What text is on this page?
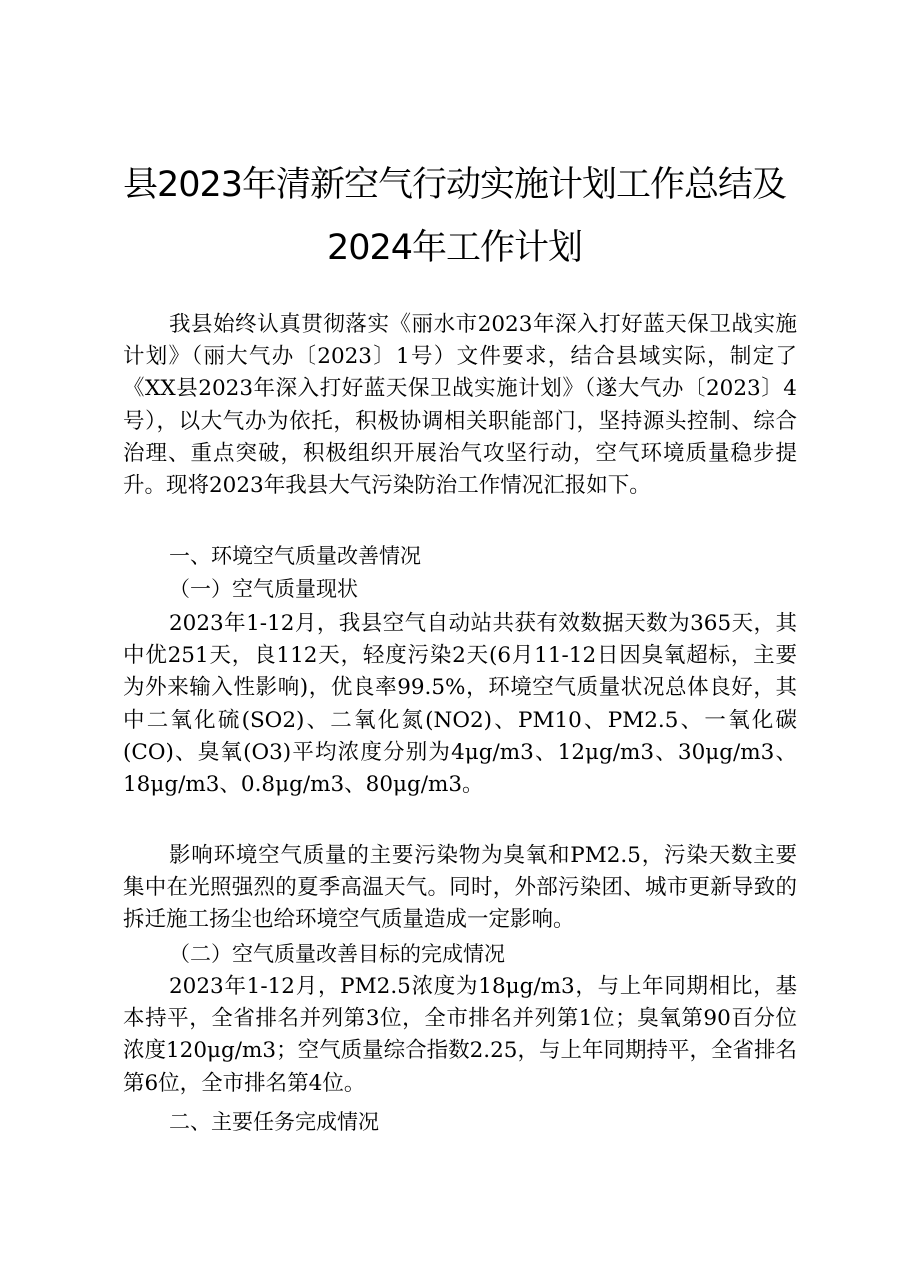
县2023年清新空气行动实施计划工作总结及
2024年工作计划

我县始终认真贯彻落实《丽水市2023年深入打好蓝天保卫战实施计划》（丽大气办〔2023〕1号）文件要求，结合县域实际，制定了《XX县2023年深入打好蓝天保卫战实施计划》（遂大气办〔2023〕4号），以大气办为依托，积极协调相关职能部门，坚持源头控制、综合治理、重点突破，积极组织开展治气攻坚行动，空气环境质量稳步提升。现将2023年我县大气污染防治工作情况汇报如下。

一、环境空气质量改善情况
（一）空气质量现状

2023年1-12月，我县空气自动站共获有效数据天数为365天，其中优251天，良112天，轻度污染2天(6月11-12日因臭氧超标，主要为外来输入性影响)，优良率99.5%，环境空气质量状况总体良好，其中二氧化硫(SO2)、二氧化氮(NO2)、PM10、PM2.5、一氧化碳(CO)、臭氧(O3)平均浓度分别为4μg/m3、12μg/m3、30μg/m3、18μg/m3、0.8μg/m3、80μg/m3。

影响环境空气质量的主要污染物为臭氧和PM2.5，污染天数主要集中在光照强烈的夏季高温天气。同时，外部污染团、城市更新导致的拆迁施工扬尘也给环境空气质量造成一定影响。

（二）空气质量改善目标的完成情况

2023年1-12月，PM2.5浓度为18μg/m3，与上年同期相比，基本持平，全省排名并列第3位，全市排名并列第1位；臭氧第90百分位浓度120μg/m3；空气质量综合指数2.25，与上年同期持平，全省排名第6位，全市排名第4位。

二、主要任务完成情况
